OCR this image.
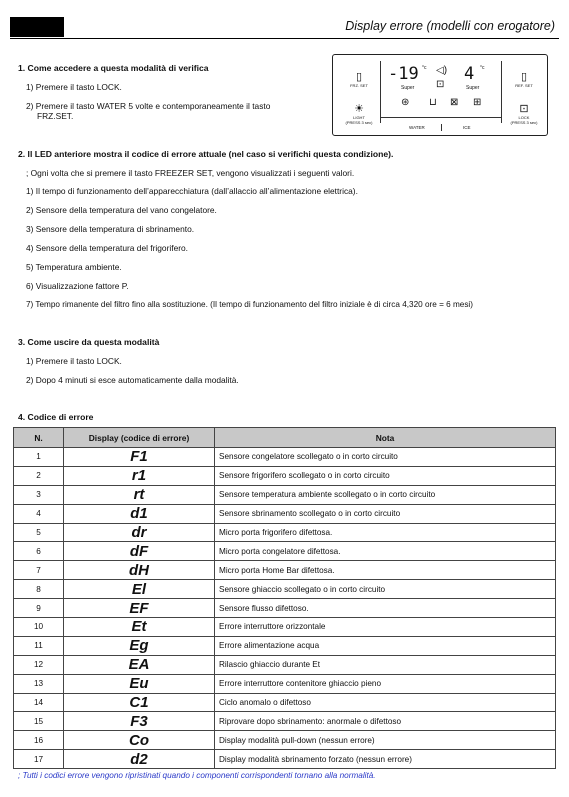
Display errore (modelli con erogatore)
1. Come accedere a questa modalità di verifica
1) Premere il tasto LOCK.
2) Premere il tasto WATER 5 volte e contemporaneamente il tasto
FRZ.SET.
▯
FRZ. SET
☀
LIGHT
(PRESS 3 sec)
-19 °c
Super
◁)
⊡
4 °c
Super
⊛ ⊔ ⊠ ⊞
WATER	ICE
▯
REF. SET
⊡
LOCK
(PRESS 3 sec)
2. Il LED anteriore mostra il codice di errore attuale (nel caso si verifichi questa condizione).
; Ogni volta che si premere il tasto FREEZER SET, vengono visualizzati i seguenti valori.
1) Il tempo di funzionamento dell’apparecchiatura (dall’allaccio all’alimentazione elettrica).
2) Sensore della temperatura del vano congelatore.
3) Sensore della temperatura di sbrinamento.
4) Sensore della temperatura del frigorifero.
5) Temperatura ambiente.
6) Visualizzazione fattore P.
7) Tempo rimanente del filtro fino alla sostituzione. (Il tempo di funzionamento del filtro iniziale è di circa 4,320 ore = 6 mesi)
3. Come uscire da questa modalità
1) Premere il tasto LOCK.
2) Dopo 4 minuti si esce automaticamente dalla modalità.
4. Codice di errore
N.	Display (codice di errore)	Nota
1	F1	Sensore congelatore scollegato o in corto circuito
2	r1	Sensore frigorifero scollegato o in corto circuito
3	rt	Sensore temperatura ambiente scollegato o in corto circuito
4	d1	Sensore sbrinamento scollegato o in corto circuito
5	dr	Micro porta frigorifero difettosa.
6	dF	Micro porta congelatore difettosa.
7	dH	Micro porta Home Bar difettosa.
8	El	Sensore ghiaccio scollegato o in corto circuito
9	EF	Sensore flusso difettoso.
10	Et	Errore interruttore orizzontale
11	Eg	Errore alimentazione acqua
12	EA	Rilascio ghiaccio durante Et
13	Eu	Errore interruttore contenitore ghiaccio pieno
14	C1	Ciclo anomalo o difettoso
15	F3	Riprovare dopo sbrinamento: anormale o difettoso
16	Co	Display modalità pull-down (nessun errore)
17	d2	Display modalità sbrinamento forzato (nessun errore)
; Tutti i codici errore vengono ripristinati quando i componenti corrispondenti tornano alla normalità.
